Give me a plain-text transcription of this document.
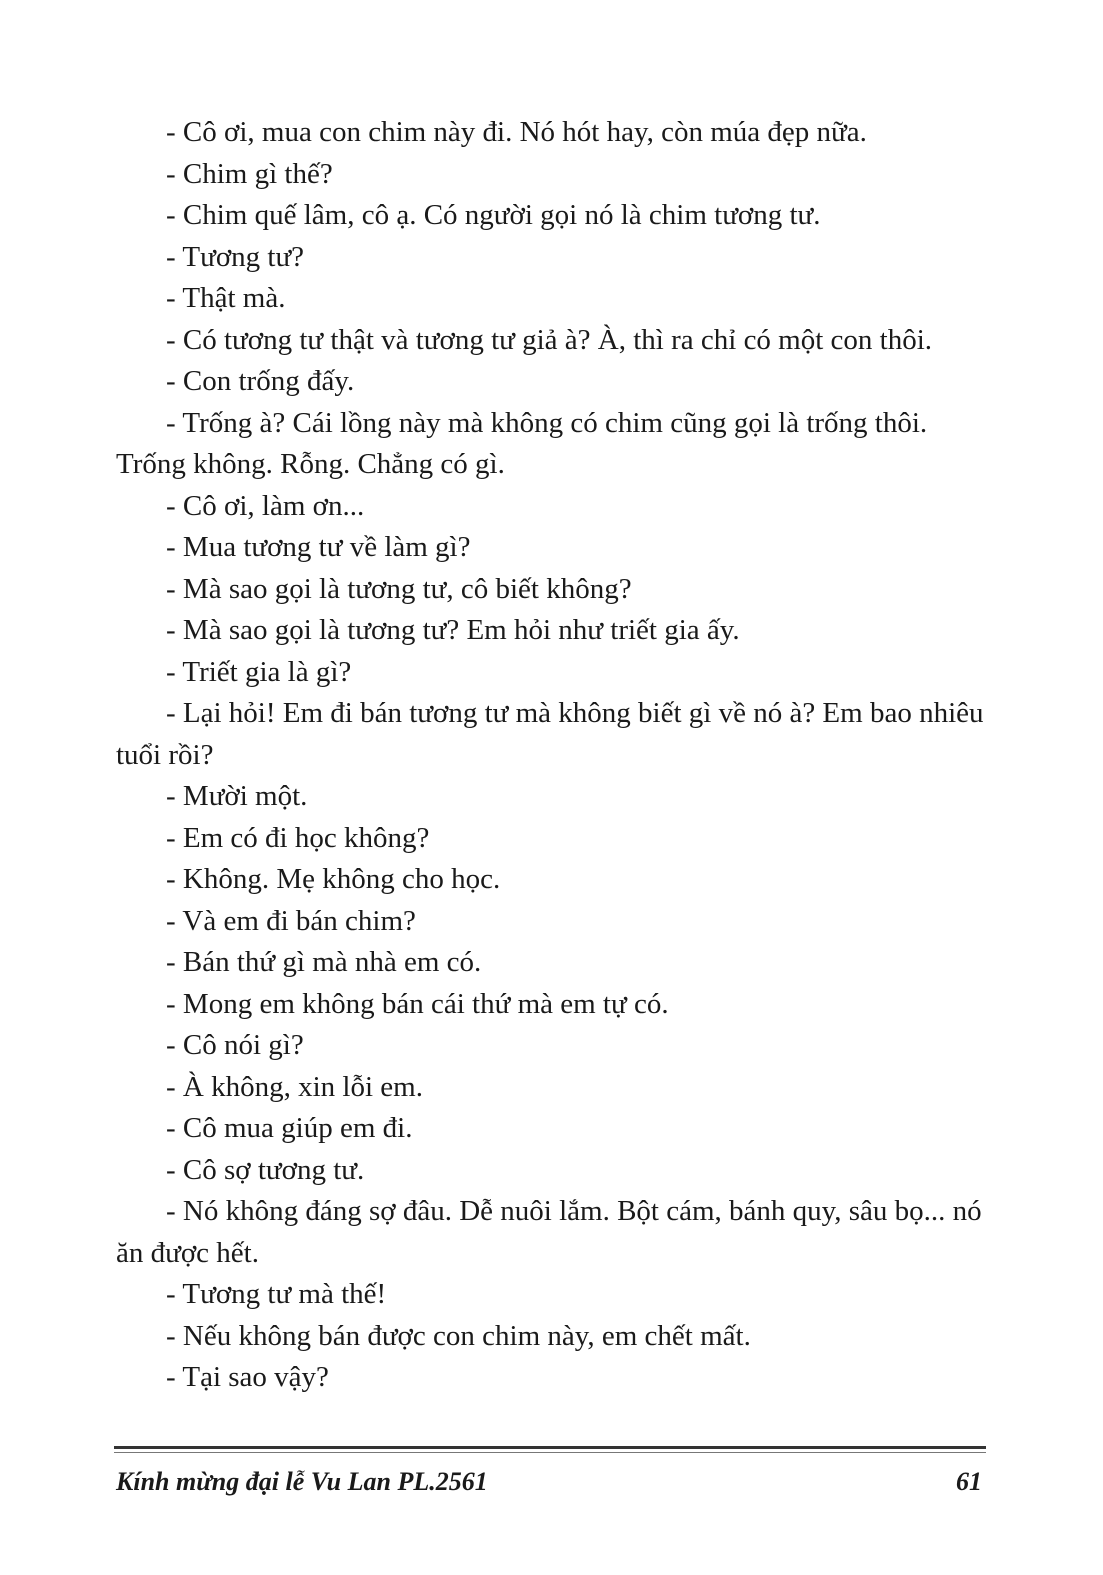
- Cô ơi, mua con chim này đi. Nó hót hay, còn múa đẹp nữa.

- Chim gì thế?

- Chim quế lâm, cô ạ. Có người gọi nó là chim tương tư.

- Tương tư?

- Thật mà.

- Có tương tư thật và tương tư giả à? À, thì ra chỉ có một con thôi.

- Con trống đấy.

- Trống à? Cái lồng này mà không có chim cũng gọi là trống thôi. Trống không. Rỗng. Chẳng có gì.

- Cô ơi, làm ơn...

- Mua tương tư về làm gì?

- Mà sao gọi là tương tư, cô biết không?

- Mà sao gọi là tương tư? Em hỏi như triết gia ấy.

- Triết gia là gì?

- Lại hỏi! Em đi bán tương tư mà không biết gì về nó à? Em bao nhiêu tuổi rồi?

- Mười một.

- Em có đi học không?

- Không. Mẹ không cho học.

- Và em đi bán chim?

- Bán thứ gì mà nhà em có.

- Mong em không bán cái thứ mà em tự có.

- Cô nói gì?

- À không, xin lỗi em.

- Cô mua giúp em đi.

- Cô sợ tương tư.

- Nó không đáng sợ đâu. Dễ nuôi lắm. Bột cám, bánh quy, sâu bọ... nó ăn được hết.

- Tương tư mà thế!

- Nếu không bán được con chim này, em chết mất.

- Tại sao vậy?

Kính mừng đại lễ Vu Lan PL.2561	61
